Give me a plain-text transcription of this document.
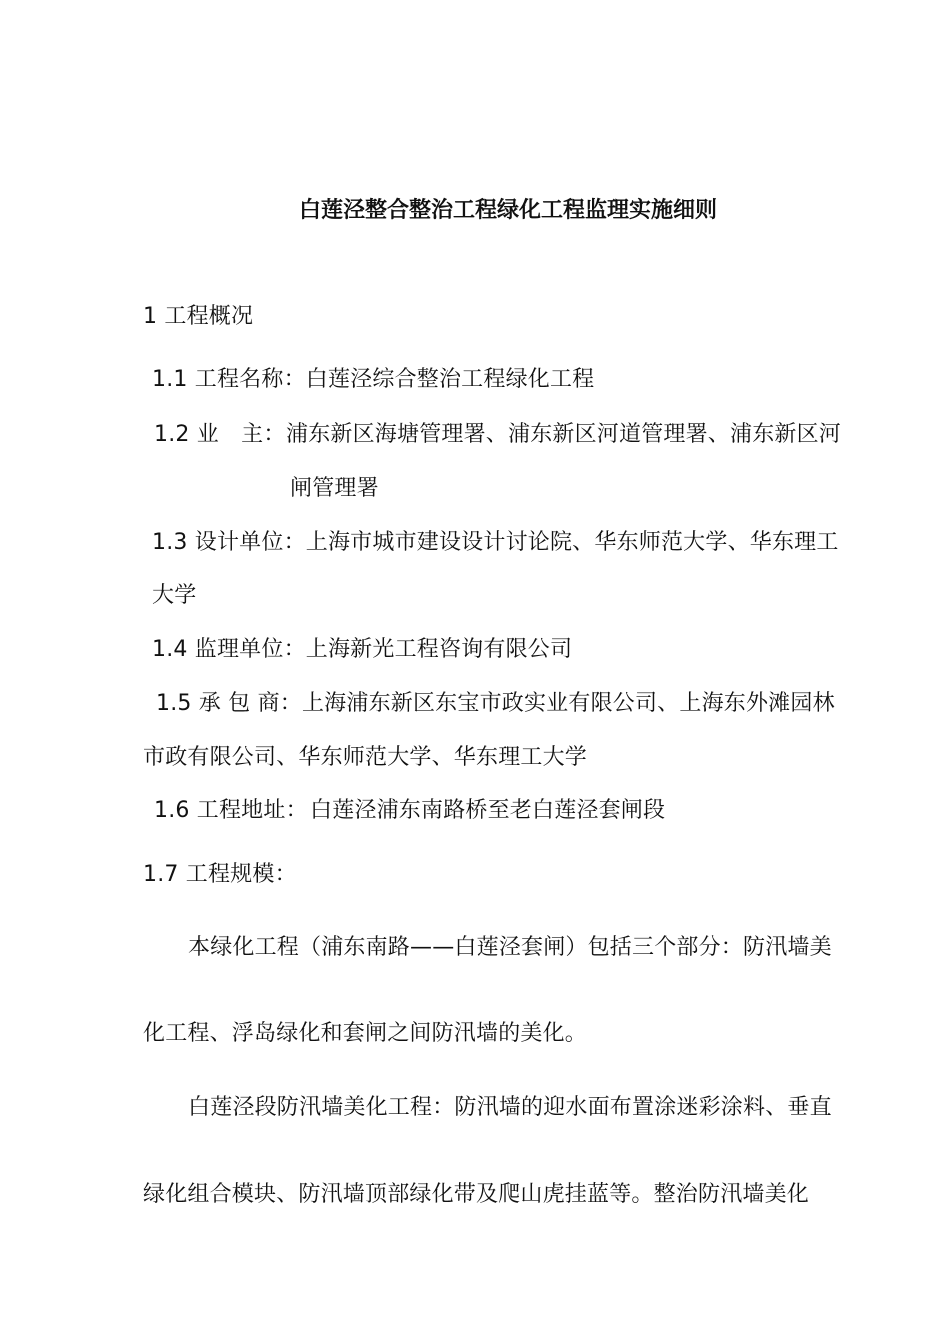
白莲泾整合整治工程绿化工程监理实施细则
1 工程概况
1.1 工程名称：白莲泾综合整治工程绿化工程
1.2 业　主：浦东新区海塘管理署、浦东新区河道管理署、浦东新区河
闸管理署
1.3 设计单位：上海市城市建设设计讨论院、华东师范大学、华东理工
大学
1.4 监理单位：上海新光工程咨询有限公司
1.5 承 包 商：上海浦东新区东宝市政实业有限公司、上海东外滩园林
市政有限公司、华东师范大学、华东理工大学
1.6 工程地址： 白莲泾浦东南路桥至老白莲泾套闸段
1.7 工程规模：
本绿化工程（浦东南路——白莲泾套闸）包括三个部分：防汛墙美
化工程、浮岛绿化和套闸之间防汛墙的美化。
白莲泾段防汛墙美化工程：防汛墙的迎水面布置涂迷彩涂料、垂直
绿化组合模块、防汛墙顶部绿化带及爬山虎挂蓝等。整治防汛墙美化
